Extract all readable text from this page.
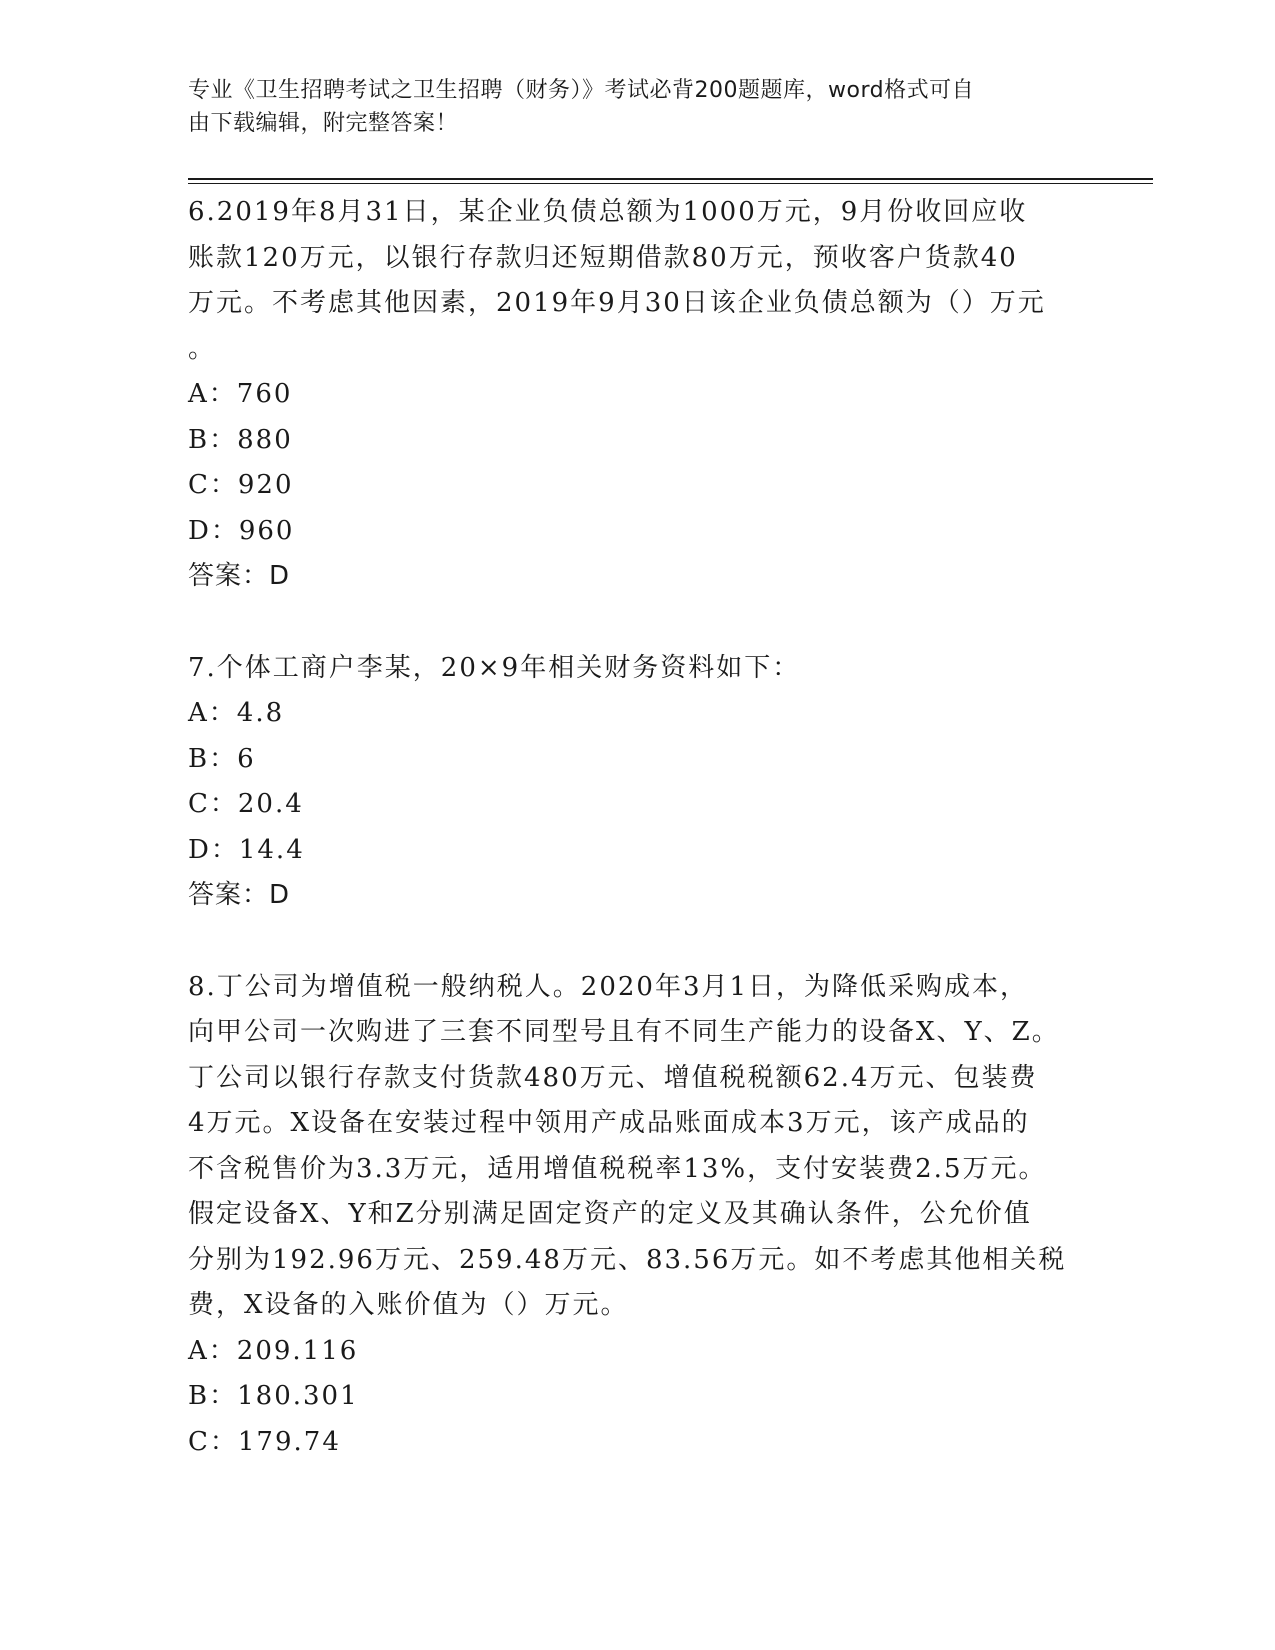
专业《卫生招聘考试之卫生招聘（财务）》考试必背200题题库，word格式可自
由下载编辑，附完整答案！
6.2019年8月31日，某企业负债总额为1000万元，9月份收回应收
账款120万元，以银行存款归还短期借款80万元，预收客户货款40
万元。不考虑其他因素，2019年9月30日该企业负债总额为（）万元
。
A：760
B：880
C：920
D：960
答案：D
7.个体工商户李某，20×9年相关财务资料如下：
A：4.8
B：6
C：20.4
D：14.4
答案：D
8.丁公司为增值税一般纳税人。2020年3月1日，为降低采购成本，
向甲公司一次购进了三套不同型号且有不同生产能力的设备X、Y、Z。
丁公司以银行存款支付货款480万元、增值税税额62.4万元、包装费
4万元。X设备在安装过程中领用产成品账面成本3万元，该产成品的
不含税售价为3.3万元，适用增值税税率13%，支付安装费2.5万元。
假定设备X、Y和Z分别满足固定资产的定义及其确认条件，公允价值
分别为192.96万元、259.48万元、83.56万元。如不考虑其他相关税
费，X设备的入账价值为（）万元。
A：209.116
B：180.301
C：179.74
